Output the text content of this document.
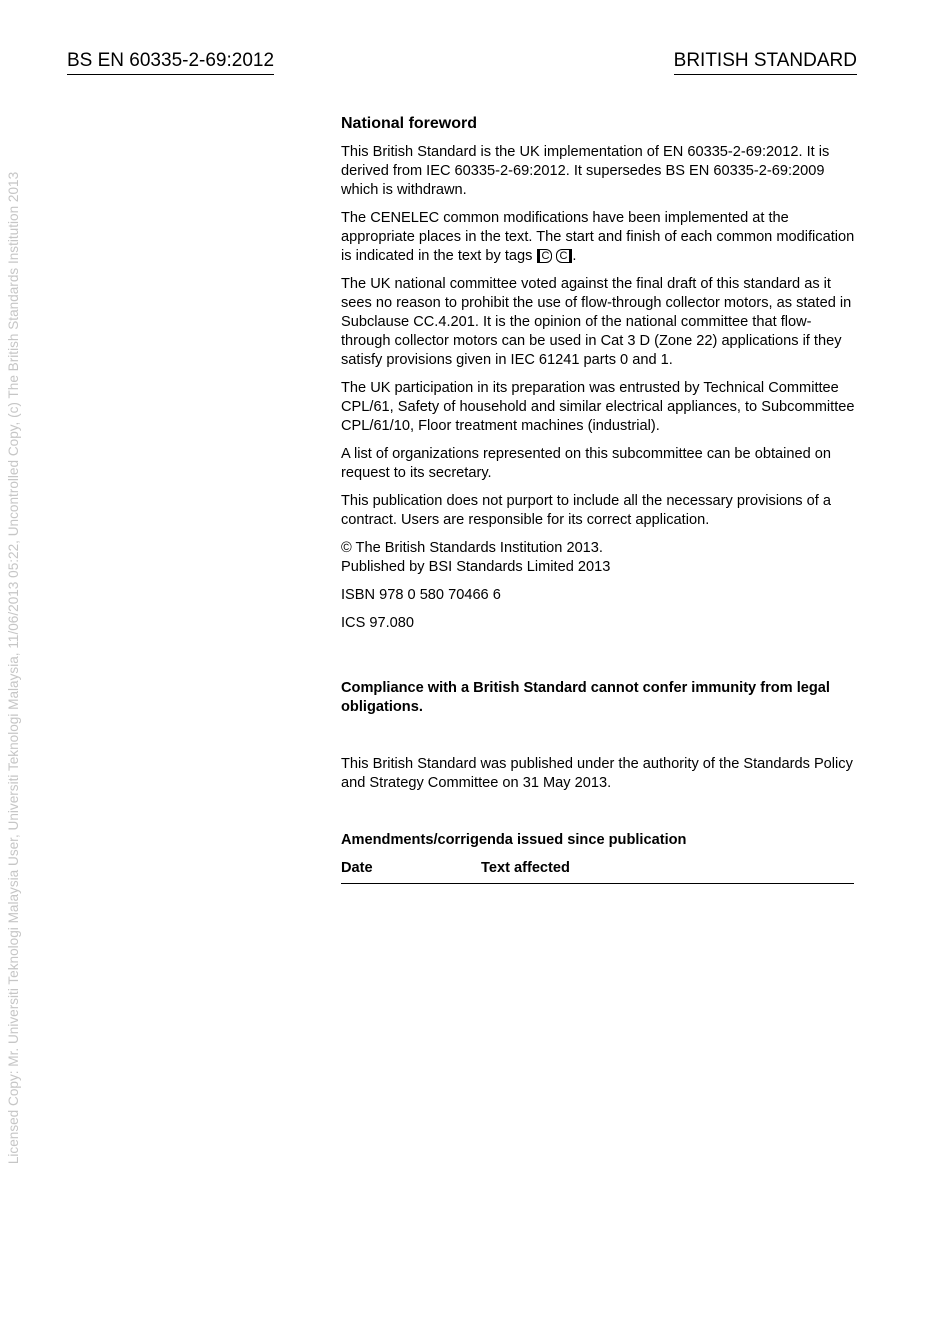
BS EN 60335-2-69:2012	BRITISH STANDARD
Licensed Copy: Mr. Universiti Teknologi Malaysia User, Universiti Teknologi Malaysia, 11/06/2013 05:22, Uncontrolled Copy, (c) The British Standards Institution 2013
National foreword

This British Standard is the UK implementation of EN 60335-2-69:2012. It is derived from IEC 60335-2-69:2012. It supersedes BS EN 60335-2-69:2009 which is withdrawn.

The CENELEC common modifications have been implemented at the appropriate places in the text. The start and finish of each common modification is indicated in the text by tags C C .

The UK national committee voted against the final draft of this standard as it sees no reason to prohibit the use of flow-through collector motors, as stated in Subclause CC.4.201. It is the opinion of the national committee that flow-through collector motors can be used in Cat 3 D (Zone 22) applications if they satisfy provisions given in IEC 61241 parts 0 and 1.

The UK participation in its preparation was entrusted by Technical Committee CPL/61, Safety of household and similar electrical appliances, to Subcommittee CPL/61/10, Floor treatment machines (industrial).

A list of organizations represented on this subcommittee can be obtained on request to its secretary.

This publication does not purport to include all the necessary provisions of a contract. Users are responsible for its correct application.

© The British Standards Institution 2013.
Published by BSI Standards Limited 2013

ISBN 978 0 580 70466 6

ICS 97.080

Compliance with a British Standard cannot confer immunity from legal obligations.

This British Standard was published under the authority of the Standards Policy and Strategy Committee on 31 May 2013.

Amendments/corrigenda issued since publication

Date	Text affected
